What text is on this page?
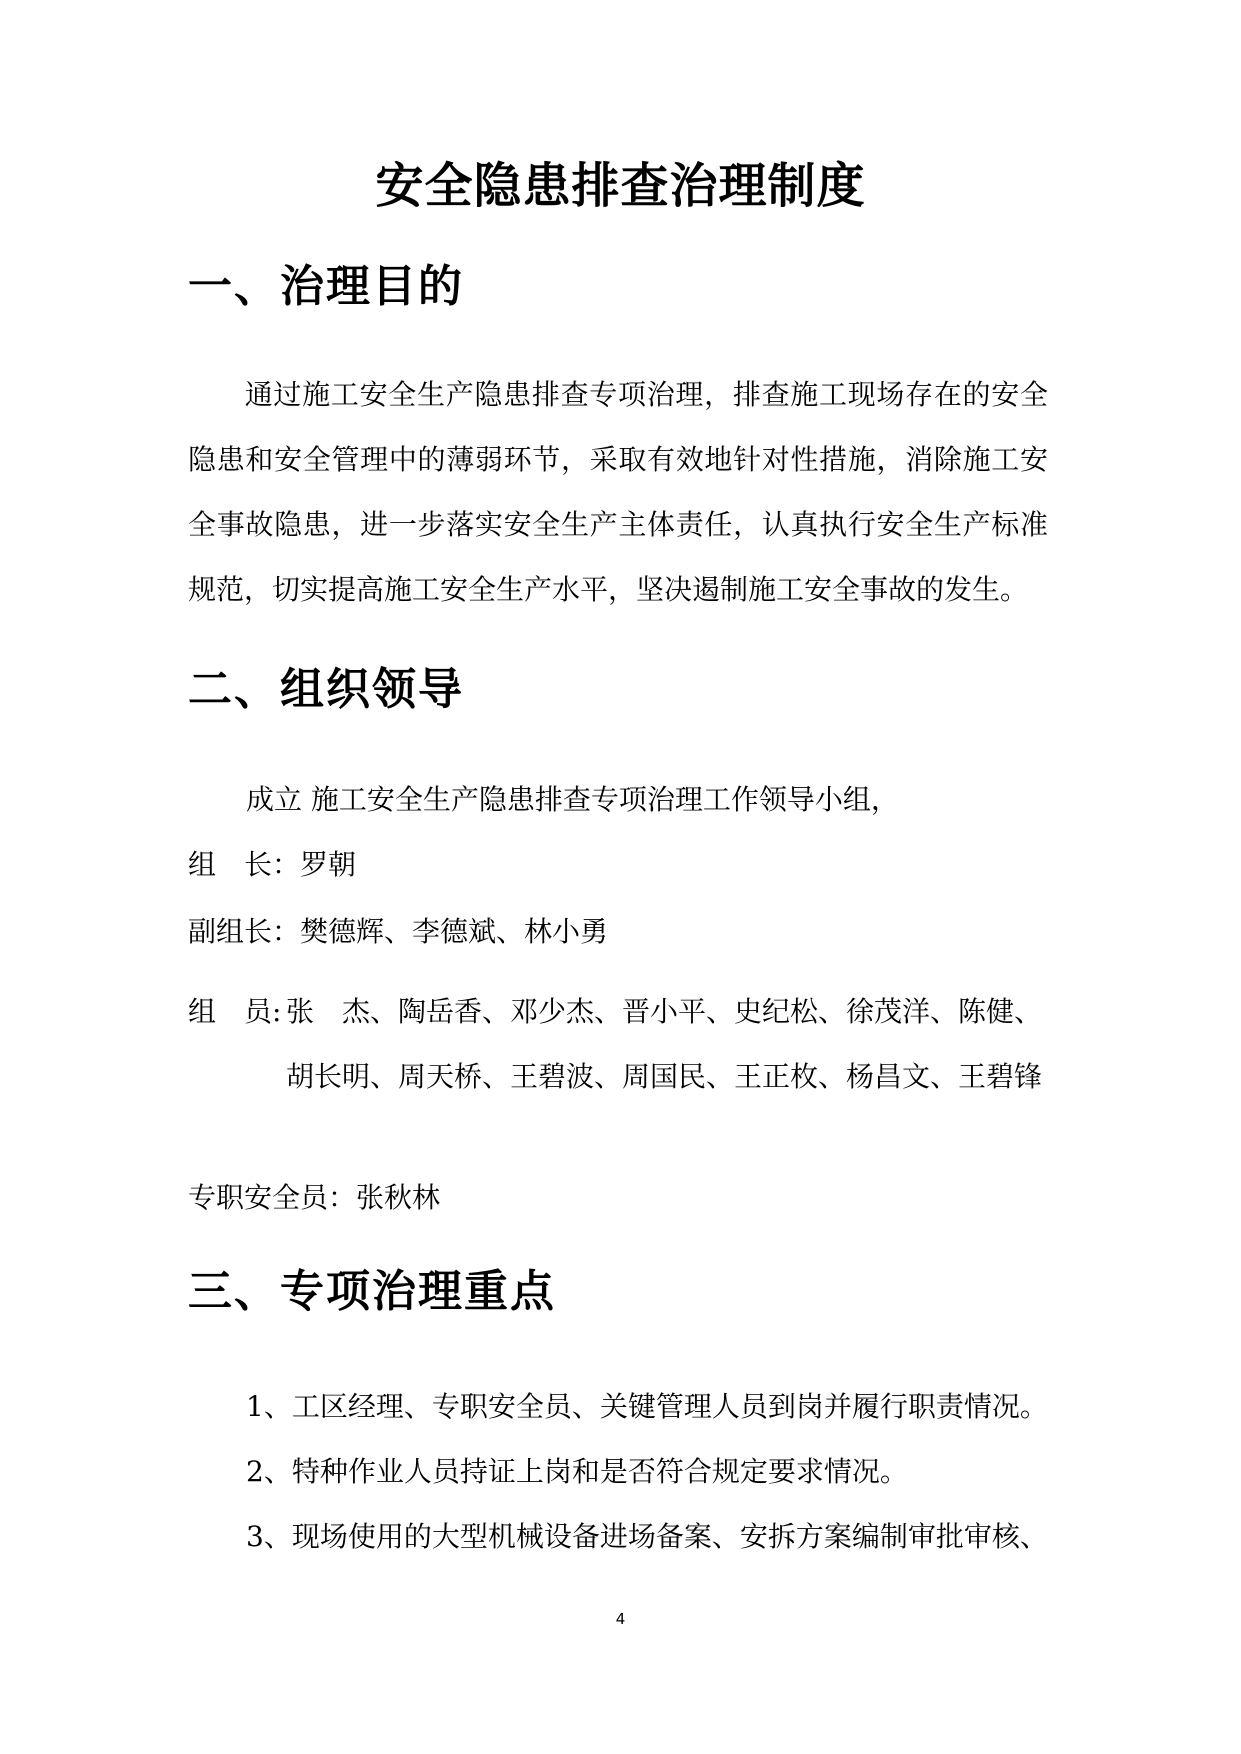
安全隐患排查治理制度
一、治理目的

　通过施工安全生产隐患排查专项治理，排查施工现场存在的安全隐患和安全管理中的薄弱环节，采取有效地针对性措施，消除施工安全事故隐患，进一步落实安全生产主体责任，认真执行安全生产标准规范，切实提高施工安全生产水平，坚决遏制施工安全事故的发生。

二、组织领导

成立 施工安全生产隐患排查专项治理工作领导小组，

组　长：罗朝

副组长：樊德辉、李德斌、林小勇

组　员: 张　杰、陶岳香、邓少杰、晋小平、史纪松、徐茂洋、陈健、胡长明、周天桥、王碧波、周国民、王正枚、杨昌文、王碧锋

专职安全员：张秋林

三、专项治理重点

1、工区经理、专职安全员、关键管理人员到岗并履行职责情况。

2、特种作业人员持证上岗和是否符合规定要求情况。

3、现场使用的大型机械设备进场备案、安拆方案编制审批审核、

4
